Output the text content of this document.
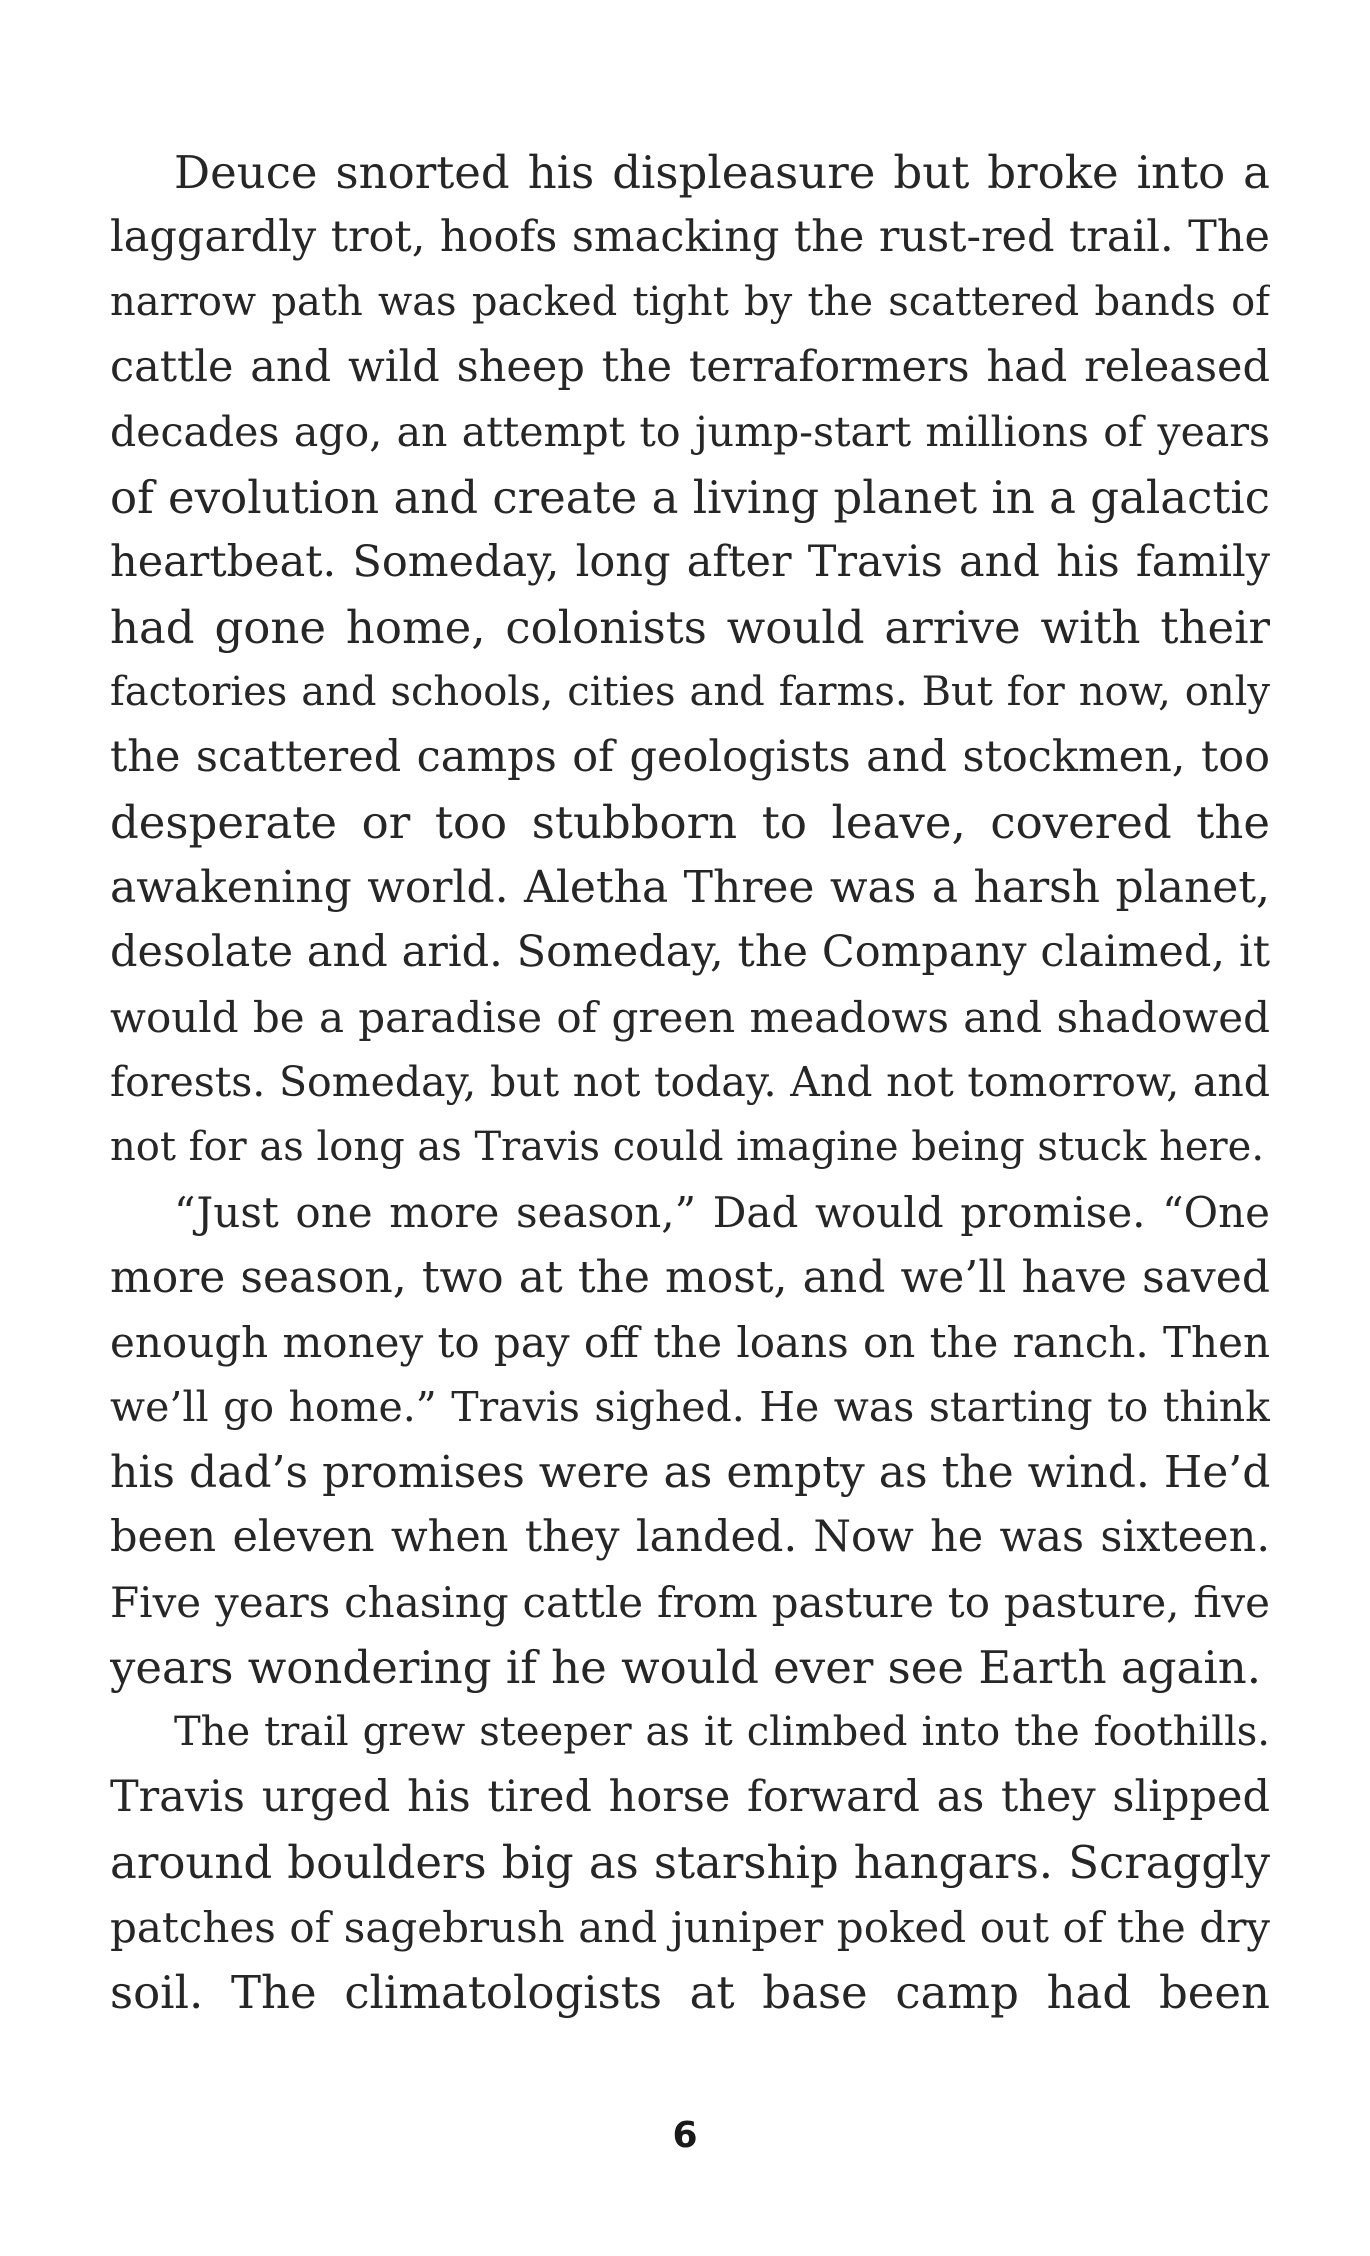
Deuce snorted his displeasure but broke into a
laggardly trot, hoofs smacking the rust-red trail. The
narrow path was packed tight by the scattered bands of
cattle and wild sheep the terraformers had released
decades ago, an attempt to jump-start millions of years
of evolution and create a living planet in a galactic
heartbeat. Someday, long after Travis and his family
had gone home, colonists would arrive with their
factories and schools, cities and farms. But for now, only
the scattered camps of geologists and stockmen, too
desperate or too stubborn to leave, covered the
awakening world. Aletha Three was a harsh planet,
desolate and arid. Someday, the Company claimed, it
would be a paradise of green meadows and shadowed
forests. Someday, but not today. And not tomorrow, and
not for as long as Travis could imagine being stuck here.
“Just one more season,” Dad would promise. “One
more season, two at the most, and we’ll have saved
enough money to pay off the loans on the ranch. Then
we’ll go home.” Travis sighed. He was starting to think
his dad’s promises were as empty as the wind. He’d
been eleven when they landed. Now he was sixteen.
Five years chasing cattle from pasture to pasture, five
years wondering if he would ever see Earth again.
The trail grew steeper as it climbed into the foothills.
Travis urged his tired horse forward as they slipped
around boulders big as starship hangars. Scraggly
patches of sagebrush and juniper poked out of the dry
soil. The climatologists at base camp had been
6
